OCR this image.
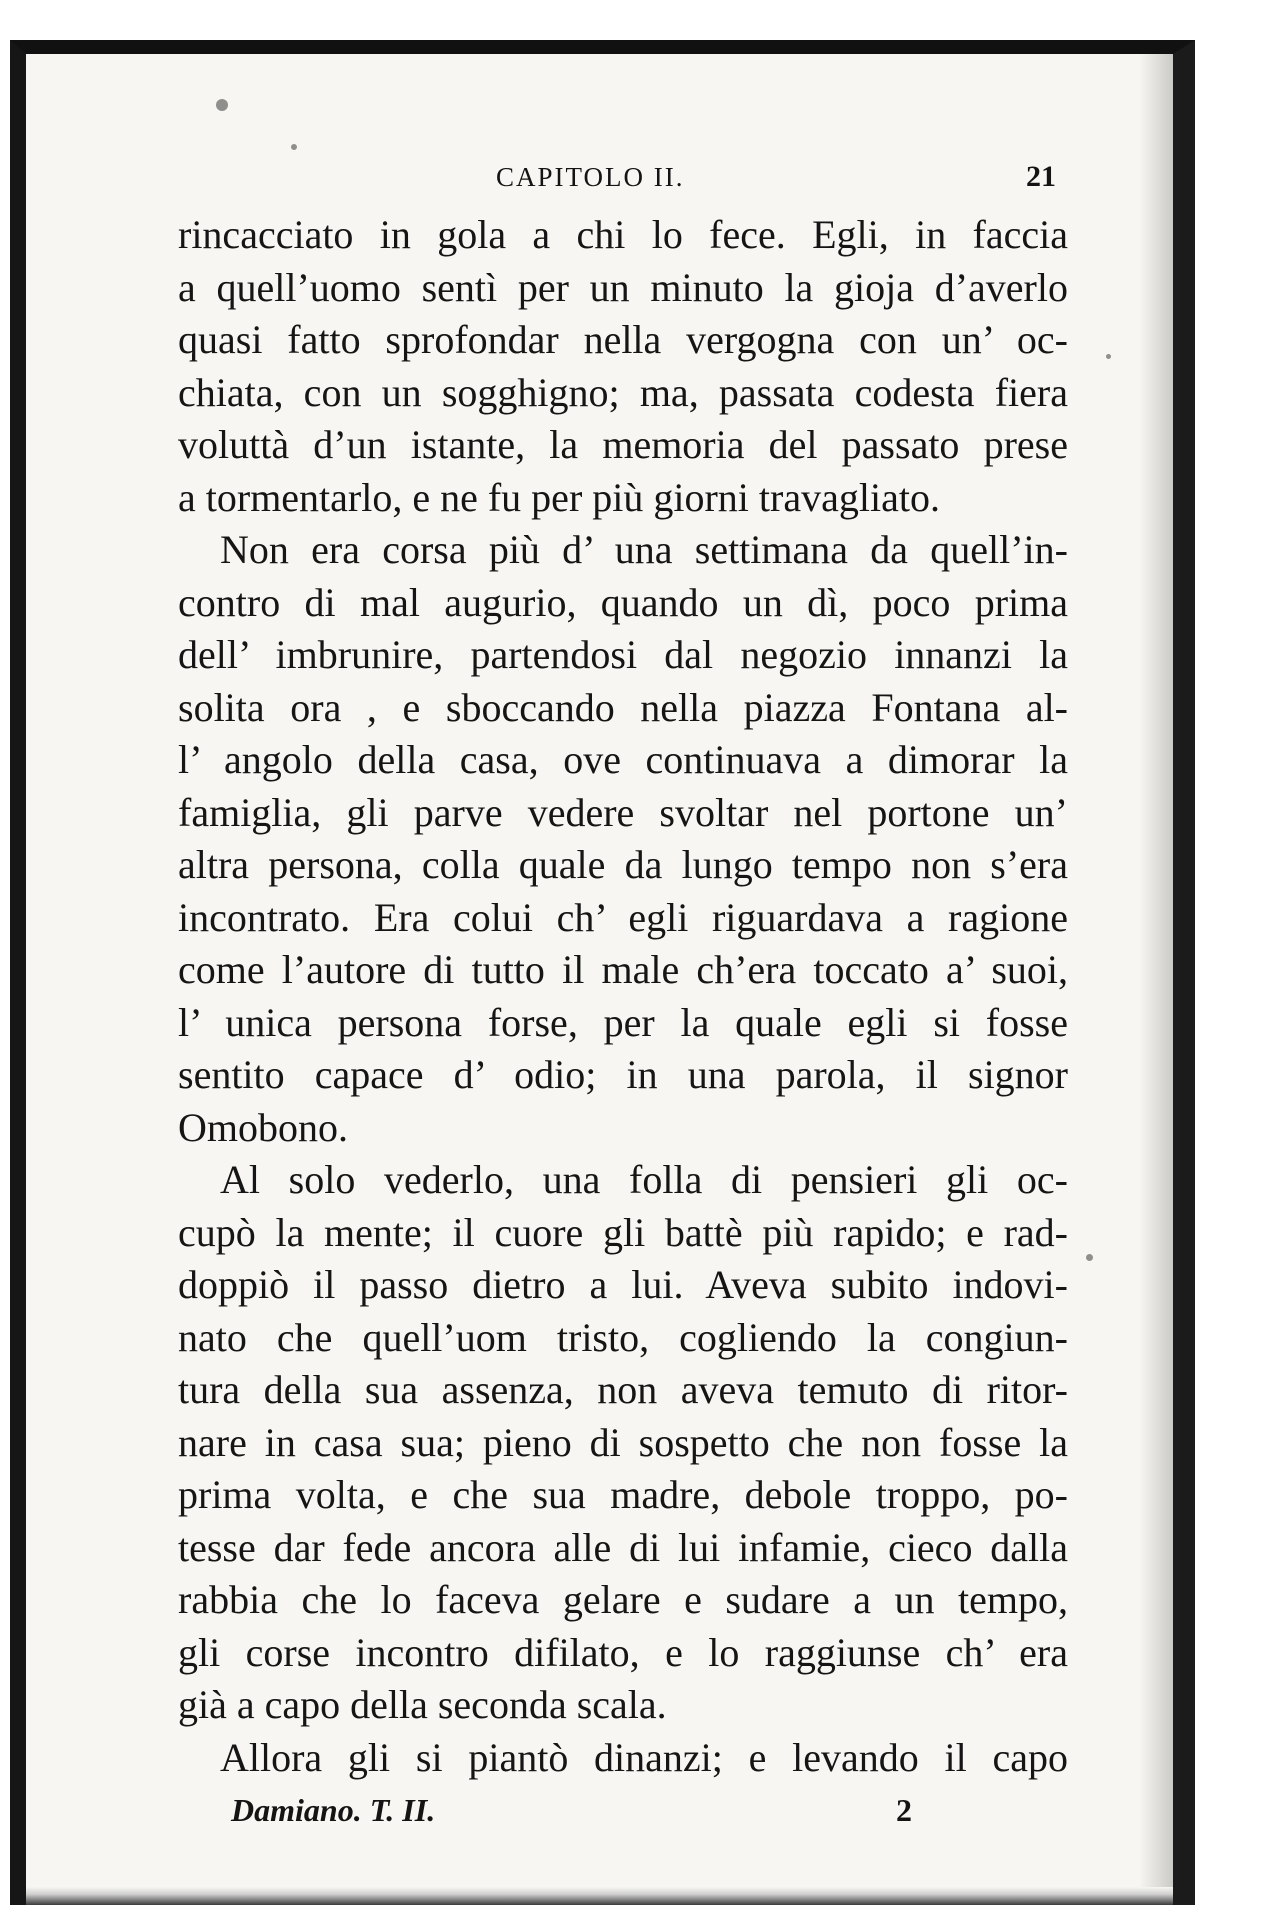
CAPITOLO II.	21
rincacciato in gola a chi lo fece. Egli, in faccia
a quell’uomo sentì per un minuto la gioja d’averlo
quasi fatto sprofondar nella vergogna con un’ oc-
chiata, con un sogghigno; ma, passata codesta fiera
voluttà d’un istante, la memoria del passato prese
a tormentarlo, e ne fu per più giorni travagliato.
Non era corsa più d’ una settimana da quell’in-
contro di mal augurio, quando un dì, poco prima
dell’ imbrunire, partendosi dal negozio innanzi la
solita ora , e sboccando nella piazza Fontana al-
l’ angolo della casa, ove continuava a dimorar la
famiglia, gli parve vedere svoltar nel portone un’
altra persona, colla quale da lungo tempo non s’era
incontrato. Era colui ch’ egli riguardava a ragione
come l’autore di tutto il male ch’era toccato a’ suoi,
l’ unica persona forse, per la quale egli si fosse
sentito capace d’ odio; in una parola, il signor
Omobono.
Al solo vederlo, una folla di pensieri gli oc-
cupò la mente; il cuore gli battè più rapido; e rad-
doppiò il passo dietro a lui. Aveva subito indovi-
nato che quell’uom tristo, cogliendo la congiun-
tura della sua assenza, non aveva temuto di ritor-
nare in casa sua; pieno di sospetto che non fosse la
prima volta, e che sua madre, debole troppo, po-
tesse dar fede ancora alle di lui infamie, cieco dalla
rabbia che lo faceva gelare e sudare a un tempo,
gli corse incontro difilato, e lo raggiunse ch’ era
già a capo della seconda scala.
Allora gli si piantò dinanzi; e levando il capo
Damiano. T. II.	2
